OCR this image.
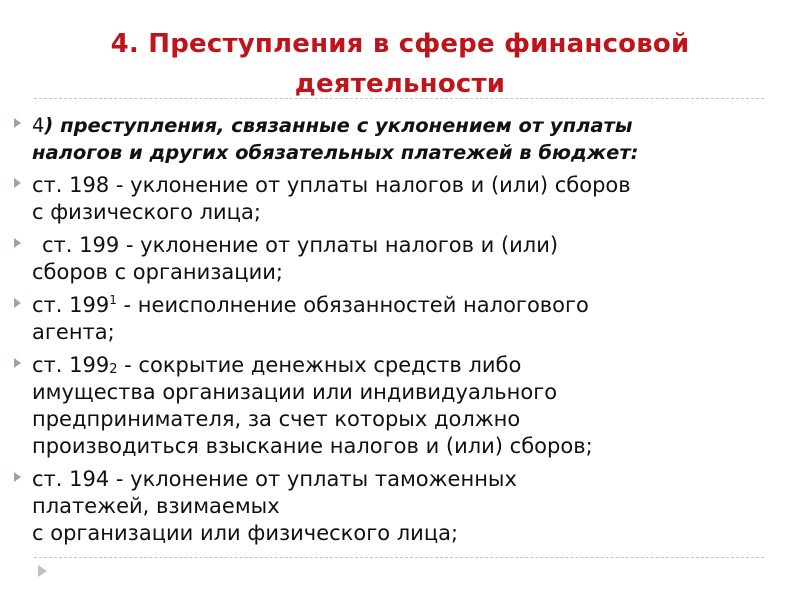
4. Преступления в сфере финансовой
деятельности
4) преступления, связанные с уклонением от уплаты
налогов и других обязательных платежей в бюджет:
ст. 198 - уклонение от уплаты налогов и (или) сборов
с физического лица;
ст. 199 - уклонение от уплаты налогов и (или)
сборов с организации;
ст. $199^1$ - неисполнение обязанностей налогового
агента;
ст. $199_2$ - сокрытие денежных средств либо
имущества организации или индивидуального
предпринимателя, за счет которых должно
производиться взыскание налогов и (или) сборов;
ст. 194 - уклонение от уплаты таможенных
платежей, взимаемых
с организации или физического лица;
